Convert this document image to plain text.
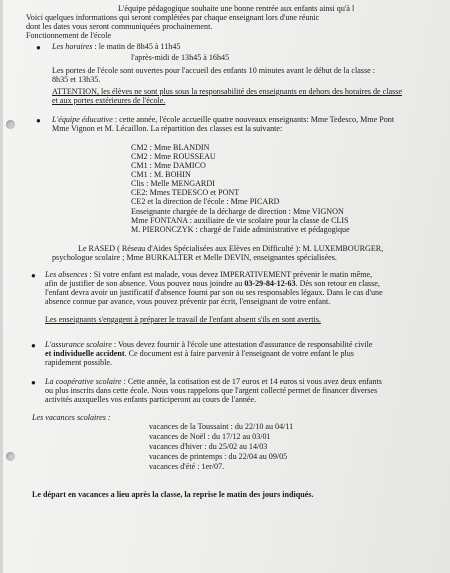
L'équipe pédagogique souhaite une bonne rentrée aux enfants ainsi qu'à l
Voici quelques informations qui seront complétées par chaque enseignant lors d'une réunic
dont les dates vous seront communiquées prochainement.
Fonctionnement de l'école
● Les horaires : le matin de 8h45 à 11h45
l'après-midi de 13h45 à 16h45
Les portes de l'école sont ouvertes pour l'accueil des enfants 10 minutes avant le début de la classe :
8h35 et 13h35.
ATTENTION, les élèves ne sont plus sous la responsabilité des enseignants en dehors des horaires de classe
et aux portes extérieures de l'école.
● L'équipe éducative : cette année, l'école accueille quatre nouveaux enseignants: Mme Tedesco, Mme Pont
Mme Vignon et M. Lécaillon. La répartition des classes est la suivante:
CM2 : Mme BLANDIN
CM2 : Mme ROUSSEAU
CM1 : Mme DAMICO
CM1 : M. BOHIN
Clis : Melle MENGARDI
CE2: Mmes TEDESCO et PONT
CE2 et la direction de l'école : Mme PICARD
Enseignante chargée de la décharge de direction : Mme VIGNON
Mme FONTANA : auxiliaire de vie scolaire pour la classe de CLIS
M. PIERONCZYK : chargé de l'aide administrative et pédagogique
Le RASED ( Réseau d'Aides Spécialisées aux Elèves en Difficulté ): M. LUXEMBOURGER,
psychologue scolaire ; Mme BURKALTER et Melle DEVIN, enseignantes spécialisées.
● Les absences : Si votre enfant est malade, vous devez IMPERATIVEMENT prévenir le matin même,
afin de justifier de son absence. Vous pouvez nous joindre au 03-29-84-12-63. Dès son retour en classe,
l'enfant devra avoir un justificatif d'absence fourni par son ou ses responsables légaux. Dans le cas d'une
absence connue par avance, vous pouvez prévenir par écrit, l'enseignant de votre enfant.
Les enseignants s'engagent à préparer le travail de l'enfant absent s'ils en sont avertis.
● L'assurance scolaire : Vous devez fournir à l'école une attestation d'assurance de responsabilité civile
et individuelle accident. Ce document est à faire parvenir à l'enseignant de votre enfant le plus
rapidement possible.
● La coopérative scolaire : Cette année, la cotisation est de 17 euros et 14 euros si vous avez deux enfants
ou plus inscrits dans cette école. Nous vous rappelons que l'argent collecté permet de financer diverses
activités auxquelles vos enfants participeront au cours de l'année.
Les vacances scolaires :
vacances de la Toussaint : du 22/10 au 04/11
vacances de Noël : du 17/12 au 03/01
vacances d'hiver : du 25/02 au 14/03
vacances de printemps : du 22/04 au 09/05
vacances d'été : 1er/07.
Le départ en vacances a lieu après la classe, la reprise le matin des jours indiqués.
